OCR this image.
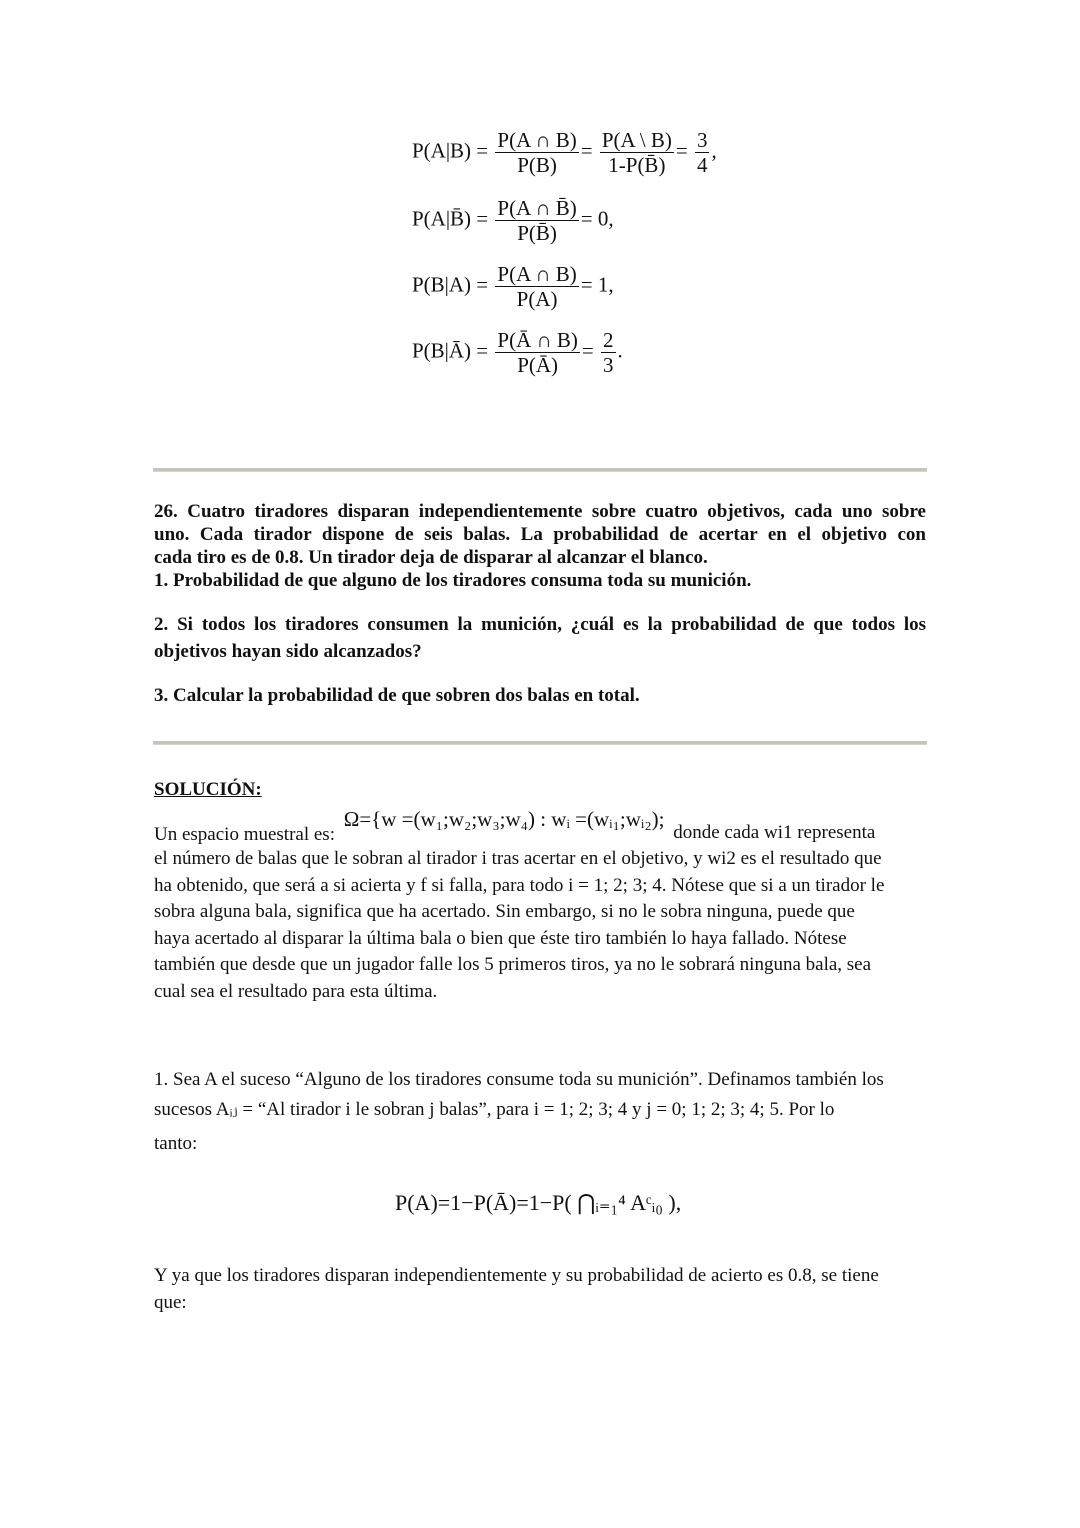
$P(A|B) = \frac{P(A \cap B)}{P(B)} = \frac{P(A \backslash B)}{1-P(B̄)} = \frac{3}{4}$ ,
P(A|B̄) = $\frac{P(A \cap B̄)}{P(B̄)} = 0$,
$P(B|A) = \frac{P(A \cap B)}{P(A)} = 1$,
P(B|Ā) = $\frac{P(Ā \cap B)}{P(Ā)} = \frac{2}{3}$ .
26. Cuatro tiradores disparan independientemente sobre cuatro objetivos, cada uno sobre
uno. Cada tirador dispone de seis balas. La probabilidad de acertar en el objetivo con
cada tiro es de 0.8. Un tirador deja de disparar al alcanzar el blanco.
1. Probabilidad de que alguno de los tiradores consuma toda su munición.
2. Si todos los tiradores consumen la munición, ¿cuál es la probabilidad de que todos los
objetivos hayan sido alcanzados?
3. Calcular la probabilidad de que sobren dos balas en total.
SOLUCIÓN:
Un espacio muestral es: Ω={w =(w₁;w₂;w₃;w₄) : wᵢ =(wᵢ₁;wᵢ₂); donde cada wi1 representa
el número de balas que le sobran al tirador i tras acertar en el objetivo, y wi2 es el resultado que
ha obtenido, que será a si acierta y f si falla, para todo i = 1; 2; 3; 4. Nótese que si a un tirador le
sobra alguna bala, significa que ha acertado. Sin embargo, si no le sobra ninguna, puede que
haya acertado al disparar la última bala o bien que éste tiro también lo haya fallado. Nótese
también que desde que un jugador falle los 5 primeros tiros, ya no le sobrará ninguna bala, sea
cual sea el resultado para esta última.
1. Sea A el suceso “Alguno de los tiradores consume toda su munición”. Definamos también los
sucesos Aᵢⱼ = “Al tirador i le sobran j balas”, para i = 1; 2; 3; 4 y j = 0; 1; 2; 3; 4; 5. Por lo
tanto:
P(A)=1−P(Ā)=1−P( ⋂ᵢ₌₁⁴ Aᶜᵢ₀ ),
Y ya que los tiradores disparan independientemente y su probabilidad de acierto es 0.8, se tiene
que:
